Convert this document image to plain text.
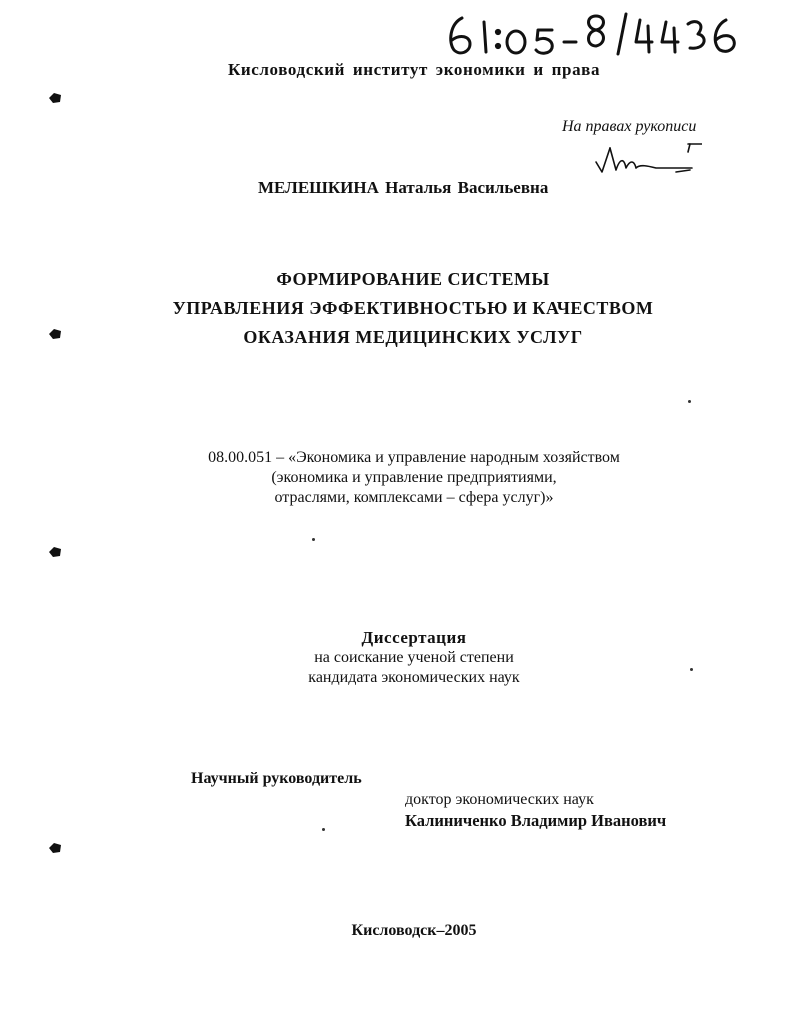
Кисловодский институт экономики и права
На правах рукописи
МЕЛЕШКИНА Наталья Васильевна
ФОРМИРОВАНИЕ СИСТЕМЫ
УПРАВЛЕНИЯ ЭФФЕКТИВНОСТЬЮ И КАЧЕСТВОМ
ОКАЗАНИЯ МЕДИЦИНСКИХ УСЛУГ
08.00.051 – «Экономика и управление народным хозяйством
(экономика и управление предприятиями,
отраслями, комплексами – сфера услуг)»
Диссертация
на соискание ученой степени
кандидата экономических наук
Научный руководитель
доктор экономических наук
Калиниченко Владимир Иванович
Кисловодск–2005
